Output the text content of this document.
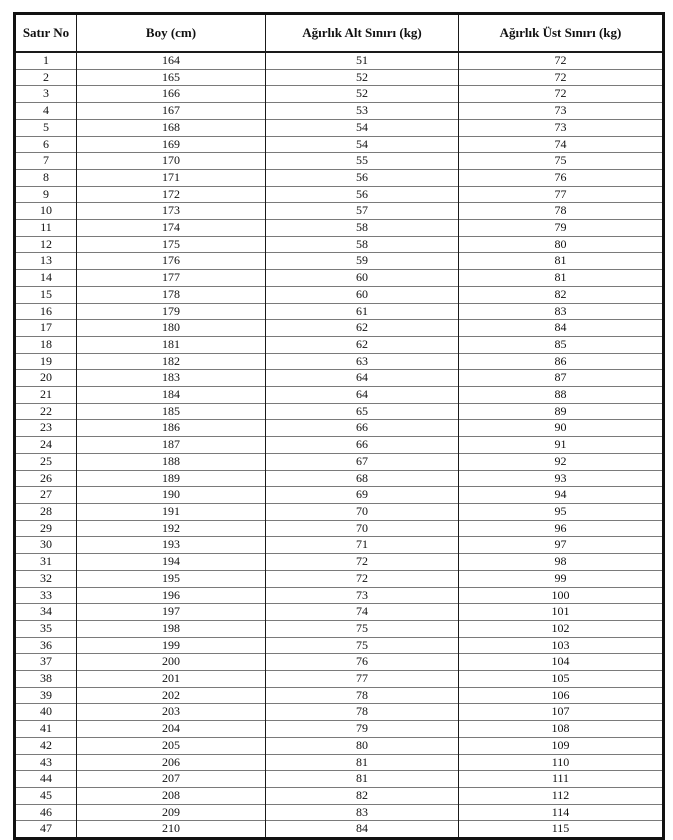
Satır No	Boy (cm)	Ağırlık Alt Sınırı (kg)	Ağırlık Üst Sınırı (kg)
1	164	51	72
2	165	52	72
3	166	52	72
4	167	53	73
5	168	54	73
6	169	54	74
7	170	55	75
8	171	56	76
9	172	56	77
10	173	57	78
11	174	58	79
12	175	58	80
13	176	59	81
14	177	60	81
15	178	60	82
16	179	61	83
17	180	62	84
18	181	62	85
19	182	63	86
20	183	64	87
21	184	64	88
22	185	65	89
23	186	66	90
24	187	66	91
25	188	67	92
26	189	68	93
27	190	69	94
28	191	70	95
29	192	70	96
30	193	71	97
31	194	72	98
32	195	72	99
33	196	73	100
34	197	74	101
35	198	75	102
36	199	75	103
37	200	76	104
38	201	77	105
39	202	78	106
40	203	78	107
41	204	79	108
42	205	80	109
43	206	81	110
44	207	81	111
45	208	82	112
46	209	83	114
47	210	84	115
